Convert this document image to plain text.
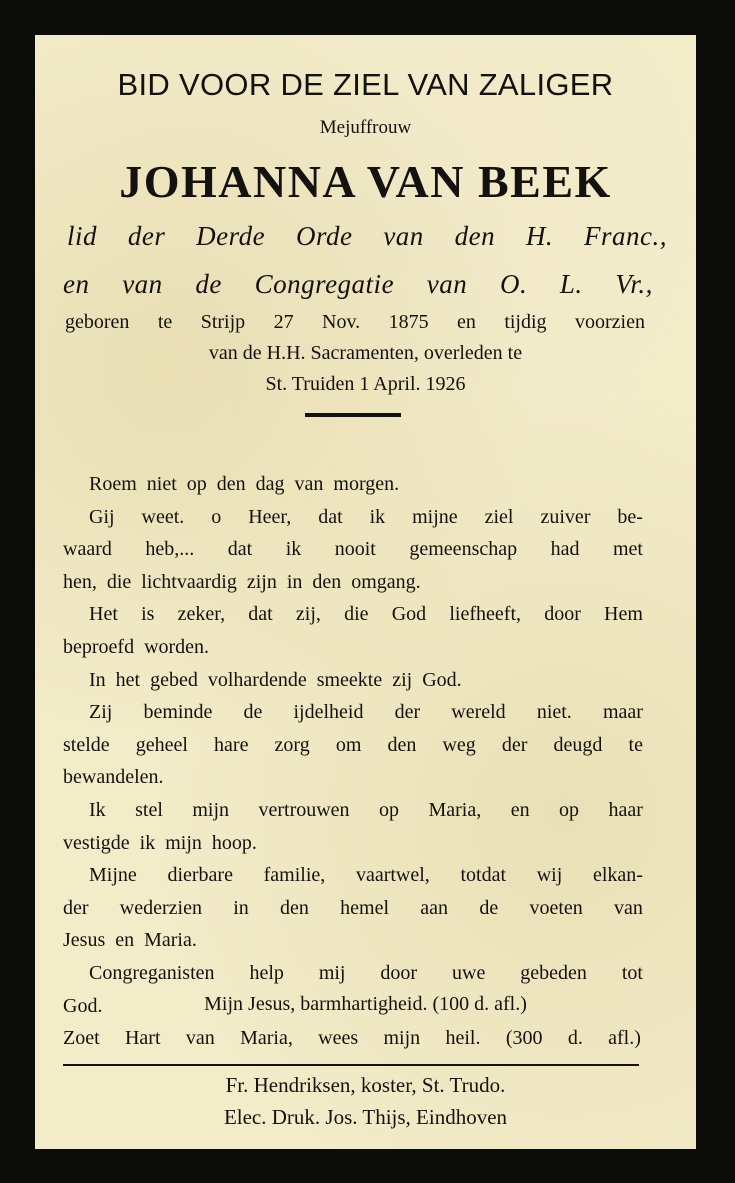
BID VOOR DE ZIEL VAN ZALIGER
Mejuffrouw
JOHANNA VAN BEEK
lid der Derde Orde van den H. Franc.,
en van de Congregatie van O. L. Vr.,
geboren te Strijp 27 Nov. 1875 en tijdig voorzien
van de H.H. Sacramenten, overleden te
St. Truiden 1 April. 1926
Roem niet op den dag van morgen.
Gij weet. o Heer, dat ik mijne ziel zuiver be-
waard heb,... dat ik nooit gemeenschap had met
hen, die lichtvaardig zijn in den omgang.
Het is zeker, dat zij, die God liefheeft, door Hem
beproefd worden.
In het gebed volhardende smeekte zij God.
Zij beminde de ijdelheid der wereld niet. maar
stelde geheel hare zorg om den weg der deugd te
bewandelen.
Ik stel mijn vertrouwen op Maria, en op haar
vestigde ik mijn hoop.
Mijne dierbare familie, vaartwel, totdat wij elkan-
der wederzien in den hemel aan de voeten van
Jesus en Maria.
Congreganisten help mij door uwe gebeden tot
God.	Mijn Jesus, barmhartigheid. (100 d. afl.)
Zoet Hart van Maria, wees mijn heil. (300 d. afl.)
Fr. Hendriksen, koster, St. Trudo.
Elec. Druk. Jos. Thijs, Eindhoven
